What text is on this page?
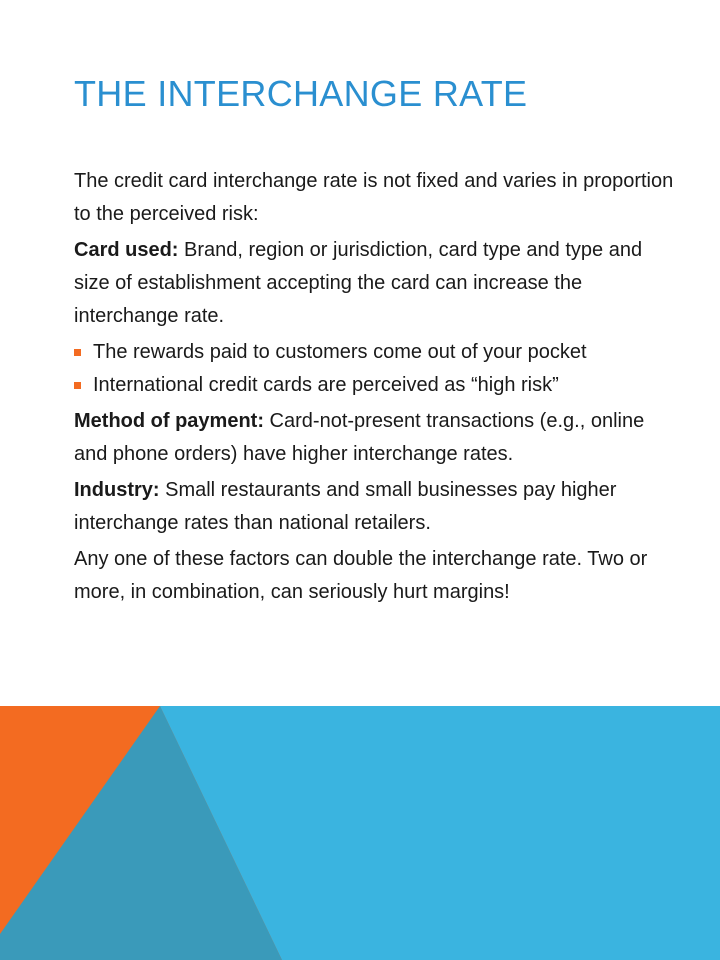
THE INTERCHANGE RATE

The credit card interchange rate is not fixed and varies in proportion to the perceived risk:

Card used: Brand, region or jurisdiction, card type and type and size of establishment accepting the card can increase the interchange rate.

The rewards paid to customers come out of your pocket
International credit cards are perceived as “high risk”

Method of payment: Card-not-present transactions (e.g., online and phone orders) have higher interchange rates.

Industry: Small restaurants and small businesses pay higher interchange rates than national retailers.

Any one of these factors can double the interchange rate. Two or more, in combination, can seriously hurt margins!
